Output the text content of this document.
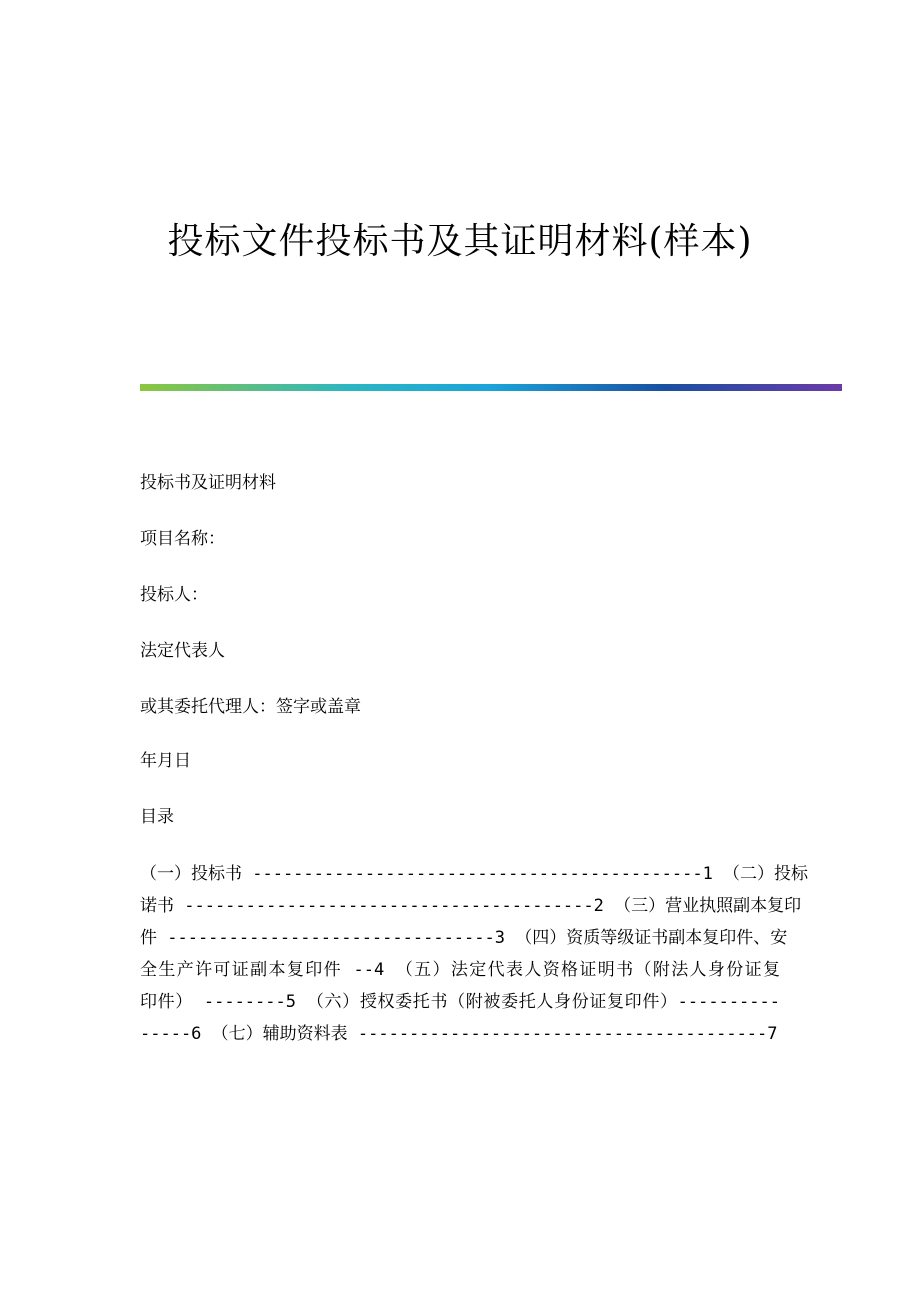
投标文件投标书及其证明材料(样本)

投标书及证明材料

项目名称：

投标人：

法定代表人

或其委托代理人：签字或盖章

年月日

目录

（一）投标书 --------------------------------------------1 （二）投标
诺书 ----------------------------------------2 （三）营业执照副本复印
件 --------------------------------3 （四）资质等级证书副本复印件、安
全生产许可证副本复印件 --4 （五）法定代表人资格证明书（附法人身份证复
印件） --------5 （六）授权委托书（附被委托人身份证复印件）----------
-----6 （七）辅助资料表 ----------------------------------------7
